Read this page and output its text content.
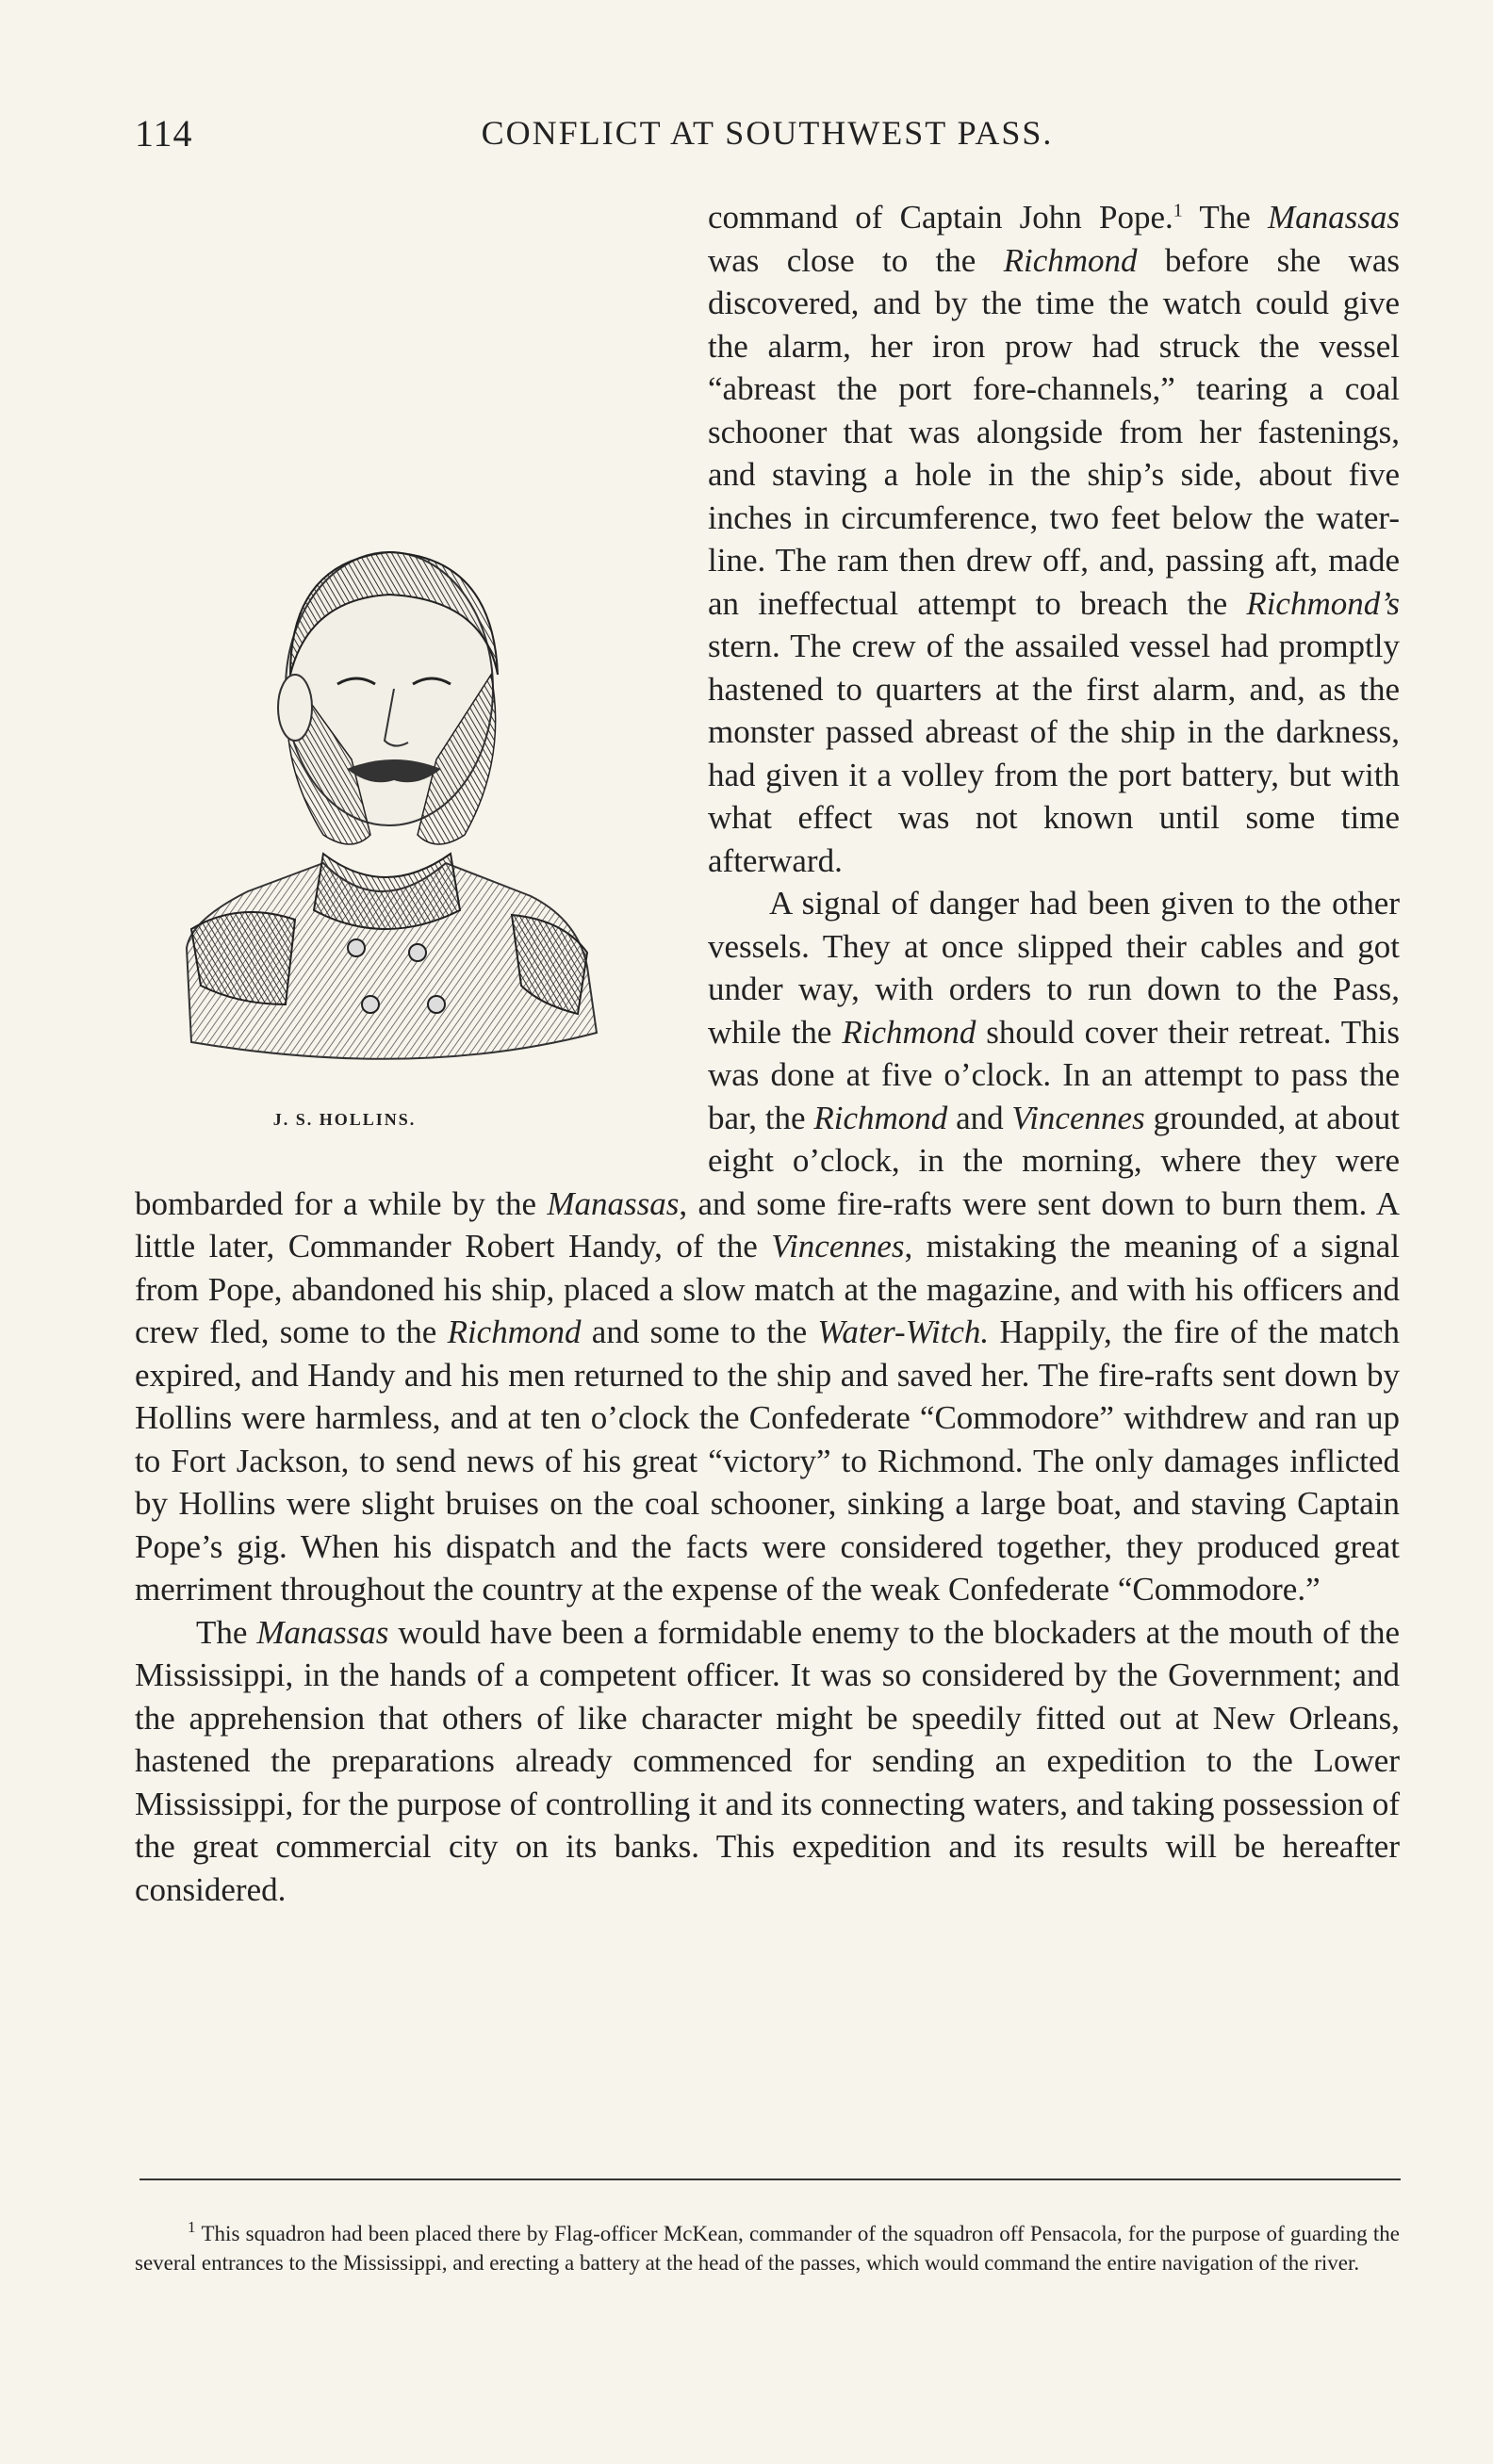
114	CONFLICT AT SOUTHWEST PASS.
J. S. HOLLINS.

command of Captain John Pope.$^1$ The Manassas was close to the Richmond before she was discovered, and by the time the watch could give the alarm, her iron prow had struck the vessel “abreast the port fore-channels,” tearing a coal schooner that was alongside from her fastenings, and staving a hole in the ship’s side, about five inches in circumference, two feet below the water-line. The ram then drew off, and, passing aft, made an ineffectual attempt to breach the Richmond’s stern. The crew of the assailed vessel had promptly hastened to quarters at the first alarm, and, as the monster passed abreast of the ship in the darkness, had given it a volley from the port battery, but with what effect was not known until some time afterward.

A signal of danger had been given to the other vessels. They at once slipped their cables and got under way, with orders to run down to the Pass, while the Richmond should cover their retreat. This was done at five o’clock. In an attempt to pass the bar, the Richmond and Vincennes grounded, at about eight o’clock, in the morning, where they were bombarded for a while by the Manassas, and some fire-rafts were sent down to burn them. A little later, Commander Robert Handy, of the Vincennes, mistaking the meaning of a signal from Pope, abandoned his ship, placed a slow match at the magazine, and with his officers and crew fled, some to the Richmond and some to the Water-Witch. Happily, the fire of the match expired, and Handy and his men returned to the ship and saved her. The fire-rafts sent down by Hollins were harmless, and at ten o’clock the Confederate “Commodore” withdrew and ran up to Fort Jackson, to send news of his great “victory” to Richmond. The only damages inflicted by Hollins were slight bruises on the coal schooner, sinking a large boat, and staving Captain Pope’s gig. When his dispatch and the facts were considered together, they produced great merriment throughout the country at the expense of the weak Confederate “Commodore.”

The Manassas would have been a formidable enemy to the blockaders at the mouth of the Mississippi, in the hands of a competent officer. It was so considered by the Government; and the apprehension that others of like character might be speedily fitted out at New Orleans, hastened the preparations already commenced for sending an expedition to the Lower Mississippi, for the purpose of controlling it and its connecting waters, and taking possession of the great commercial city on its banks. This expedition and its results will be hereafter considered.

$^1$ This squadron had been placed there by Flag-officer McKean, commander of the squadron off Pensacola, for the purpose of guarding the several entrances to the Mississippi, and erecting a battery at the head of the passes, which would command the entire navigation of the river.
